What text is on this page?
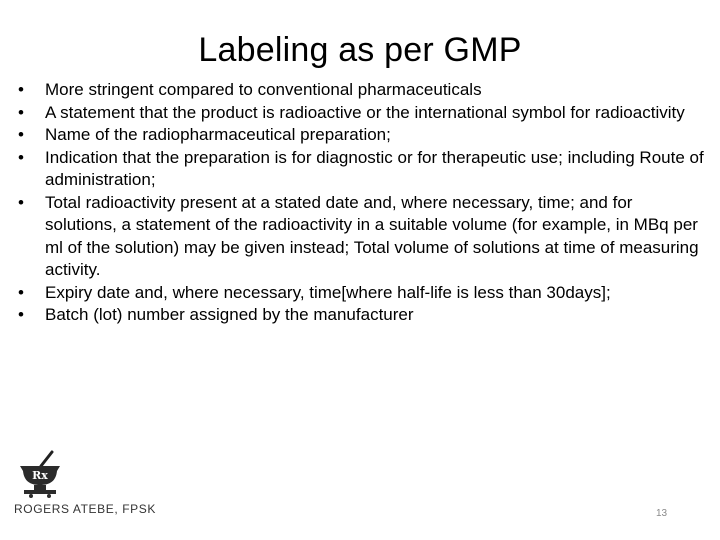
Labeling as per GMP
• More stringent compared to conventional pharmaceuticals
• A statement that the product is radioactive or the international symbol for radioactivity
• Name of the radiopharmaceutical preparation;
• Indication that the preparation is for diagnostic or for therapeutic use; including Route of administration;
• Total radioactivity present at a stated date and, where necessary, time; and for solutions, a statement of the radioactivity in a suitable volume (for example, in MBq per ml of the solution) may be given instead; Total volume of solutions at time of measuring activity.
• Expiry date and, where necessary, time[where half-life is less than 30days];
• Batch (lot) number assigned by the manufacturer
Rx
ROGERS ATEBE, FPSK	13
